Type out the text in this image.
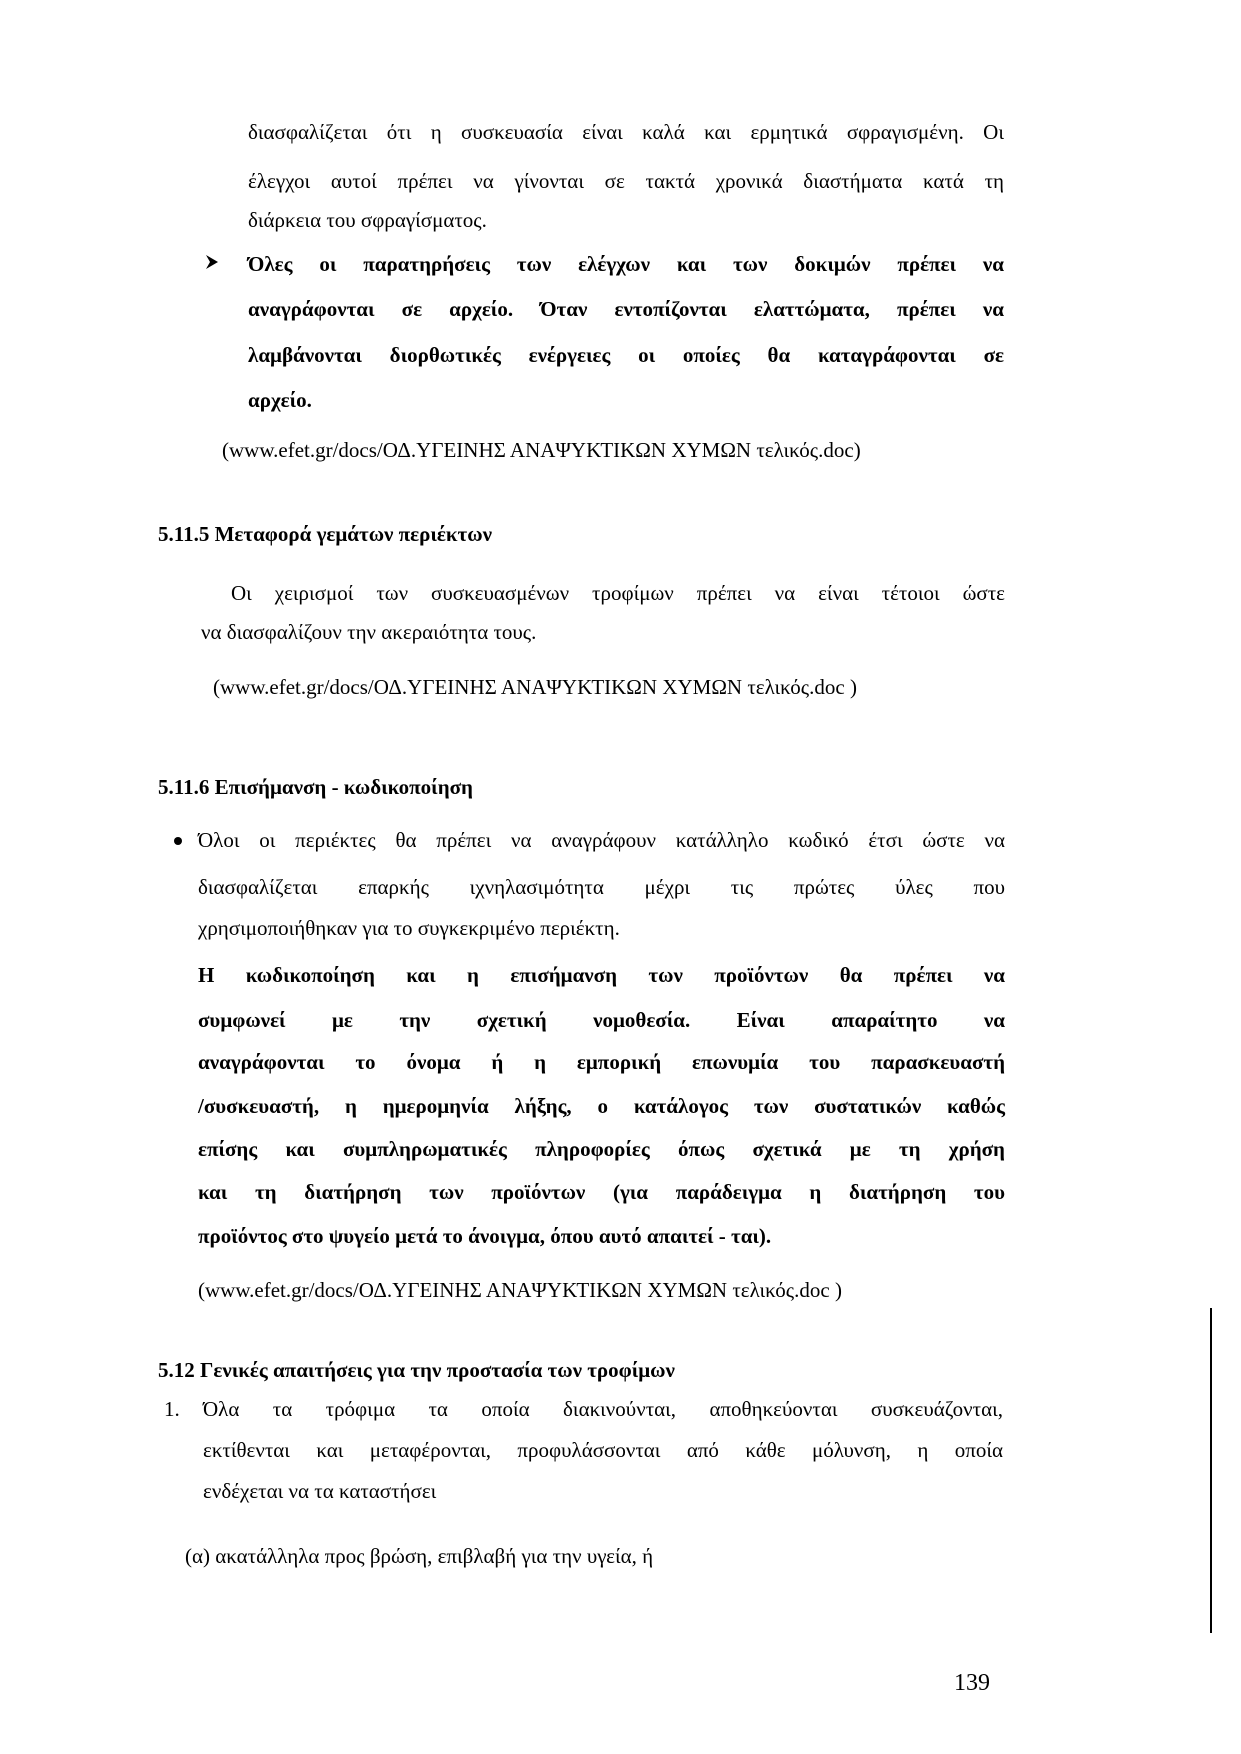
διασφαλίζεται ότι η συσκευασία είναι καλά και ερμητικά σφραγισμένη. Οι

έλεγχοι αυτοί πρέπει να γίνονται σε τακτά χρονικά διαστήματα κατά τη

διάρκεια του σφραγίσματος.

Όλες οι παρατηρήσεις των ελέγχων και των δοκιμών πρέπει να

αναγράφονται σε αρχείο. Όταν εντοπίζονται ελαττώματα, πρέπει να

λαμβάνονται διορθωτικές ενέργειες οι οποίες θα καταγράφονται σε

αρχείο.

(www.efet.gr/docs/ΟΔ.ΥΓΕΙΝΗΣ ΑΝΑΨΥΚΤΙΚΩΝ ΧΥΜΩΝ τελικός.doc)

5.11.5 Μεταφορά γεμάτων περιέκτων

Οι χειρισμοί των συσκευασμένων τροφίμων πρέπει να είναι τέτοιοι ώστε

να διασφαλίζουν την ακεραιότητα τους.

(www.efet.gr/docs/ΟΔ.ΥΓΕΙΝΗΣ ΑΝΑΨΥΚΤΙΚΩΝ ΧΥΜΩΝ τελικός.doc )

5.11.6 Επισήμανση - κωδικοποίηση

Όλοι οι περιέκτες θα πρέπει να αναγράφουν κατάλληλο κωδικό έτσι ώστε να

διασφαλίζεται επαρκής ιχνηλασιμότητα μέχρι τις πρώτες ύλες που

χρησιμοποιήθηκαν για το συγκεκριμένο περιέκτη.

Η κωδικοποίηση και η επισήμανση των προϊόντων θα πρέπει να

συμφωνεί με την σχετική νομοθεσία. Είναι απαραίτητο να

αναγράφονται το όνομα ή η εμπορική επωνυμία του παρασκευαστή

/συσκευαστή, η ημερομηνία λήξης, ο κατάλογος των συστατικών καθώς

επίσης και συμπληρωματικές πληροφορίες όπως σχετικά με τη χρήση

και τη διατήρηση των προϊόντων (για παράδειγμα η διατήρηση του

προϊόντος στο ψυγείο μετά το άνοιγμα, όπου αυτό απαιτεί - ται).

(www.efet.gr/docs/ΟΔ.ΥΓΕΙΝΗΣ ΑΝΑΨΥΚΤΙΚΩΝ ΧΥΜΩΝ τελικός.doc )

5.12 Γενικές απαιτήσεις για την προστασία των τροφίμων

1. Όλα τα τρόφιμα τα οποία διακινούνται, αποθηκεύονται συσκευάζονται,

εκτίθενται και μεταφέρονται, προφυλάσσονται από κάθε μόλυνση, η οποία

ενδέχεται να τα καταστήσει

(α) ακατάλληλα προς βρώση, επιβλαβή για την υγεία, ή

139
